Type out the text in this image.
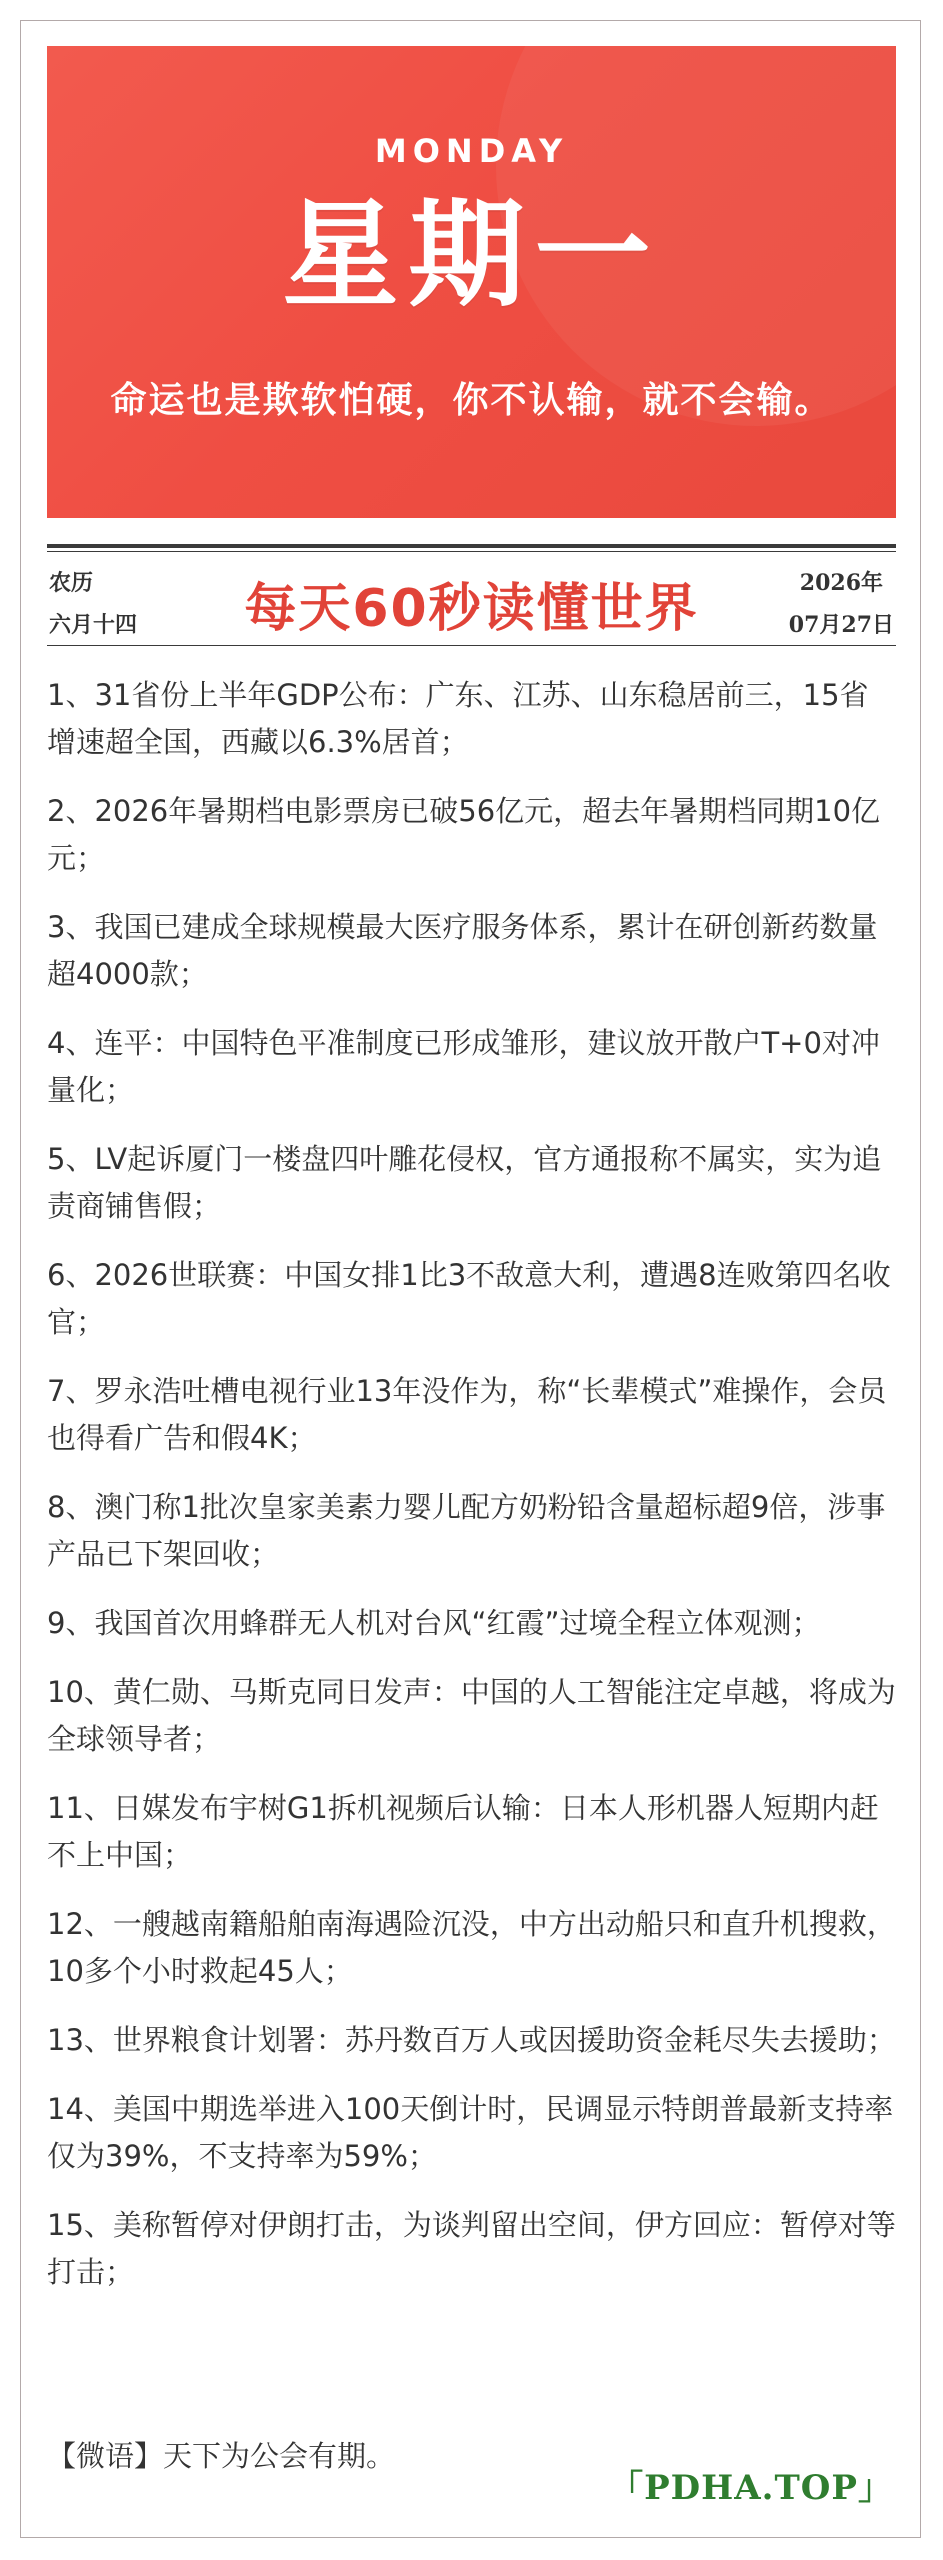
MONDAY
星期一
命运也是欺软怕硬，你不认输，就不会输。
农历
六月十四	每天60秒读懂世界	2026年
07月27日

1、31省份上半年GDP公布：广东、江苏、山东稳居前三，15省增速超全国，西藏以6.3%居首；

2、2026年暑期档电影票房已破56亿元，超去年暑期档同期10亿元；

3、我国已建成全球规模最大医疗服务体系，累计在研创新药数量超4000款；

4、连平：中国特色平准制度已形成雏形，建议放开散户T+0对冲量化；

5、LV起诉厦门一楼盘四叶雕花侵权，官方通报称不属实，实为追责商铺售假；

6、2026世联赛：中国女排1比3不敌意大利，遭遇8连败第四名收官；

7、罗永浩吐槽电视行业13年没作为，称“长辈模式”难操作，会员也得看广告和假4K；

8、澳门称1批次皇家美素力婴儿配方奶粉铅含量超标超9倍，涉事产品已下架回收；

9、我国首次用蜂群无人机对台风“红霞”过境全程立体观测；

10、黄仁勋、马斯克同日发声：中国的人工智能注定卓越，将成为全球领导者；

11、日媒发布宇树G1拆机视频后认输：日本人形机器人短期内赶不上中国；

12、一艘越南籍船舶南海遇险沉没，中方出动船只和直升机搜救，10多个小时救起45人；

13、世界粮食计划署：苏丹数百万人或因援助资金耗尽失去援助；

14、美国中期选举进入100天倒计时，民调显示特朗普最新支持率仅为39%，不支持率为59%；

15、美称暂停对伊朗打击，为谈判留出空间，伊方回应：暂停对等打击；

【微语】天下为公会有期。
「PDHA.TOP」
